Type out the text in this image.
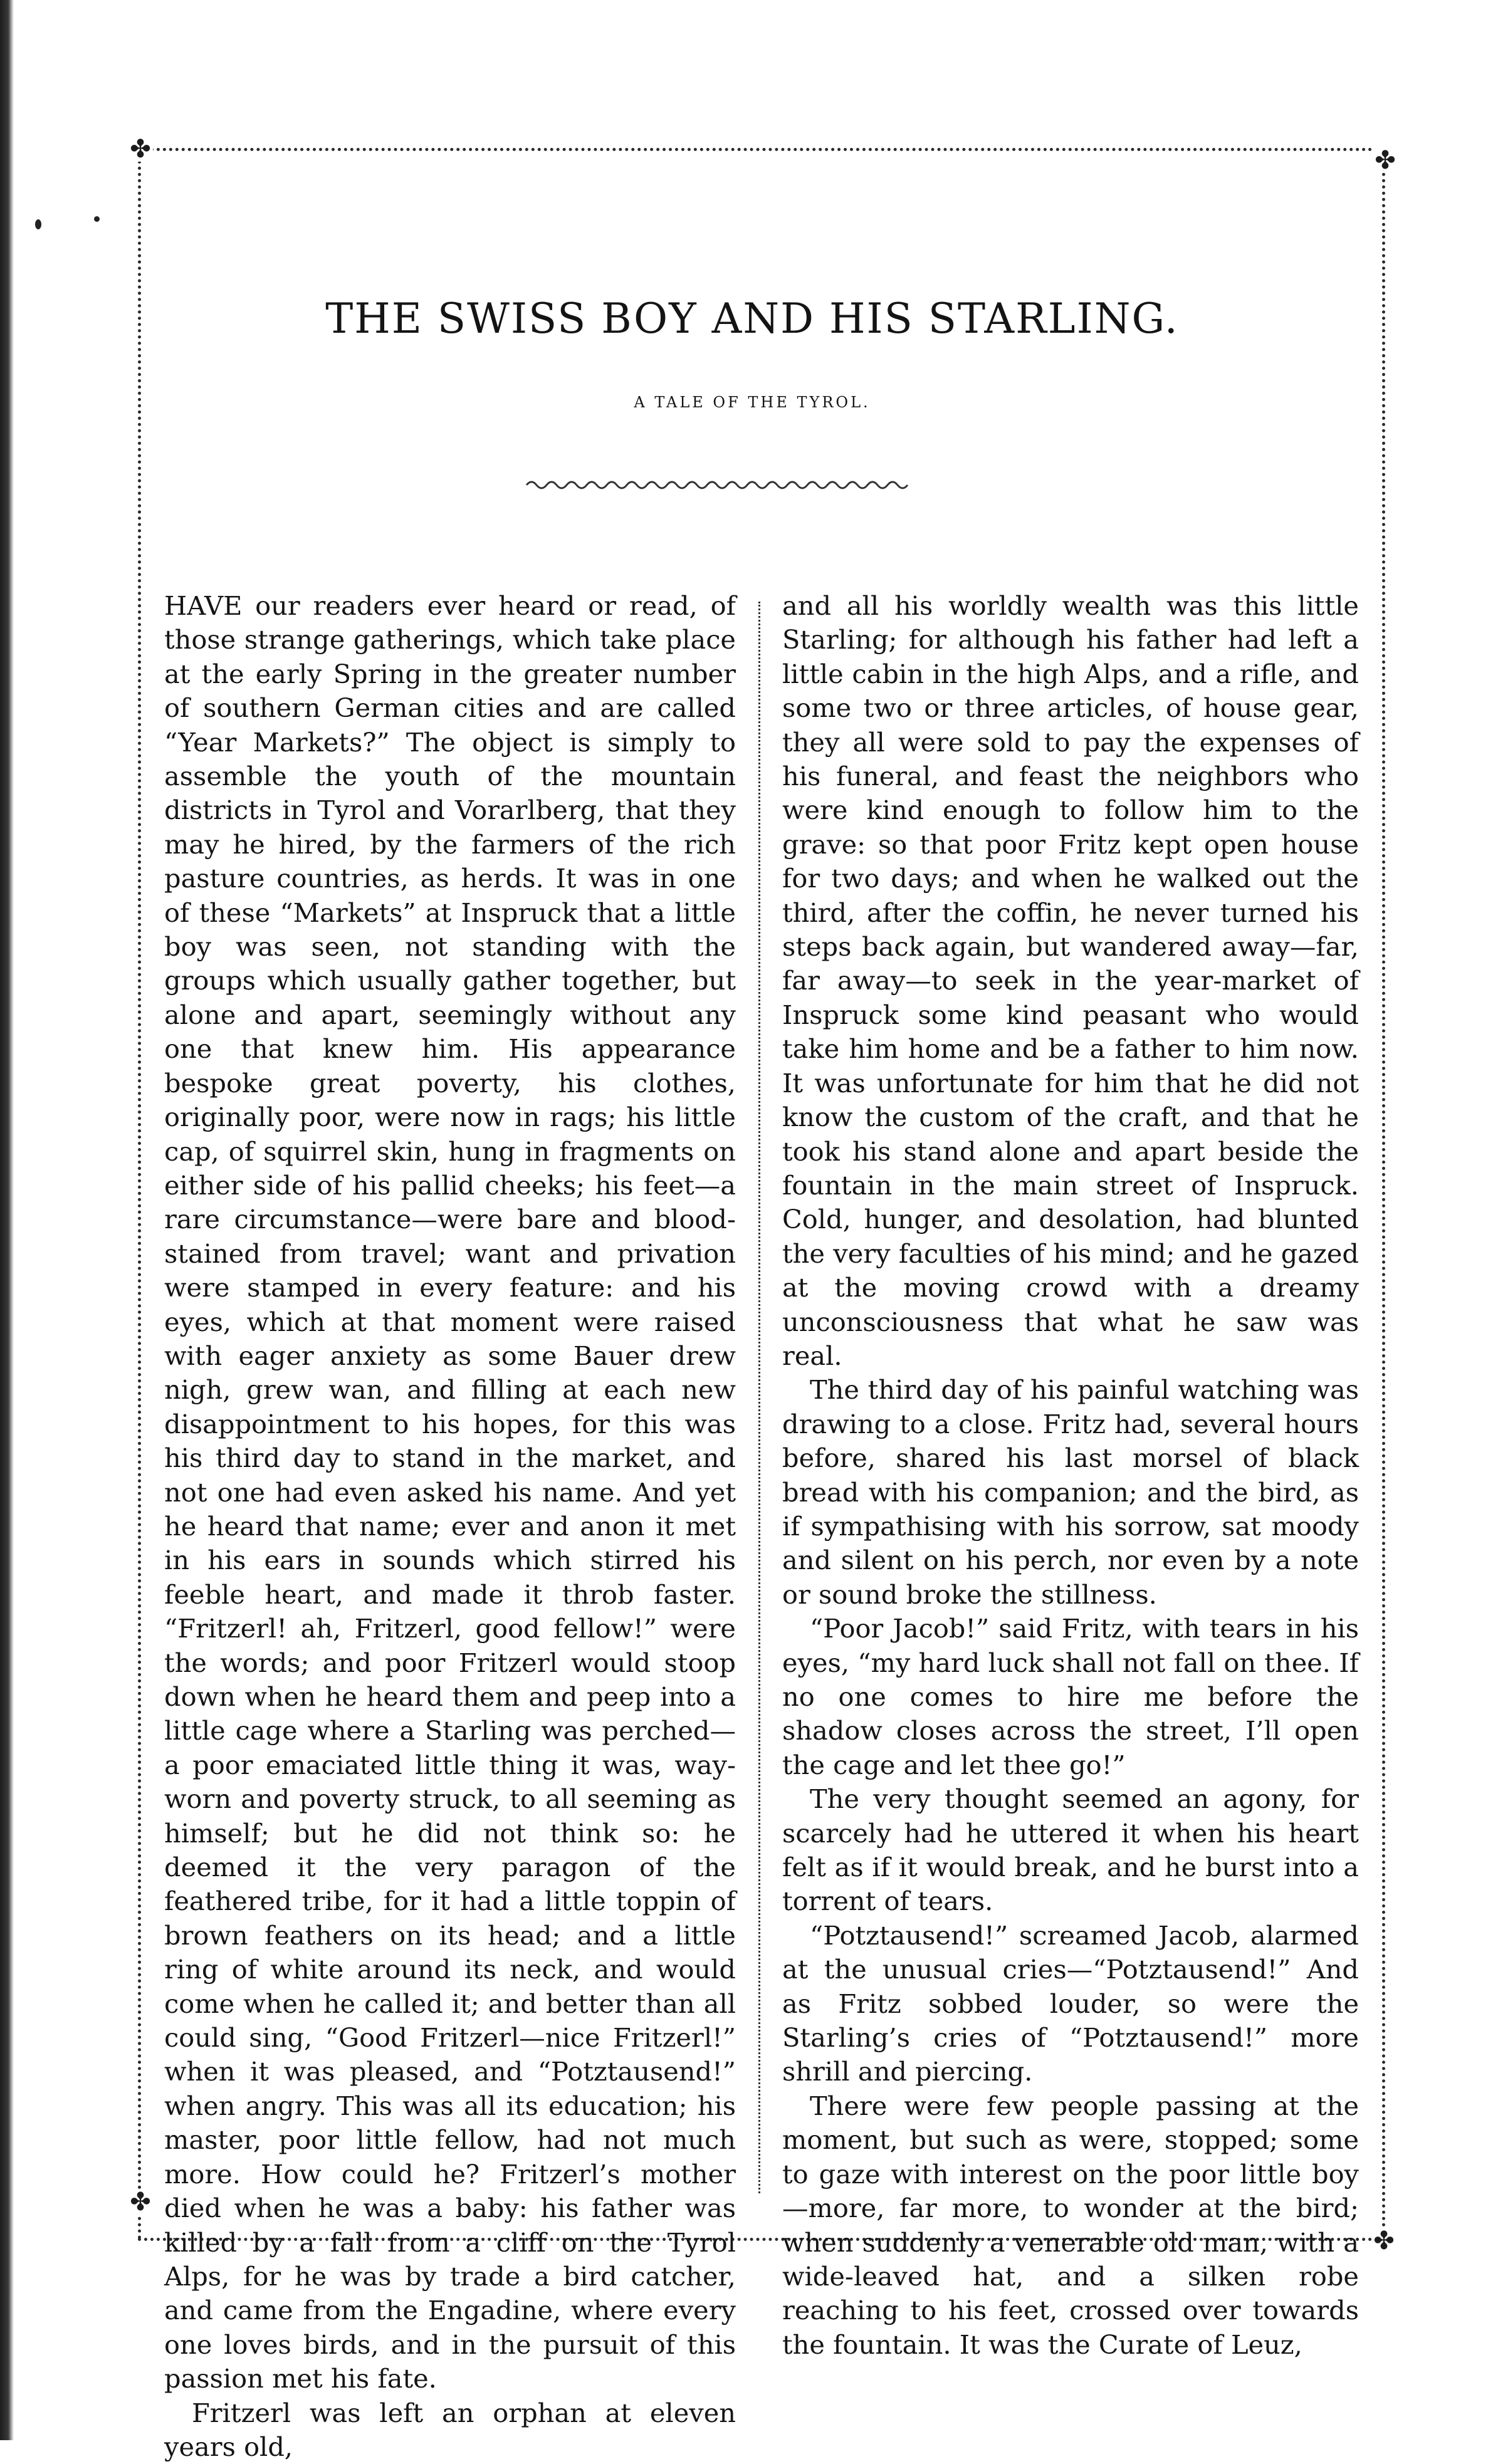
✤	✤
✤
✤
THE SWISS BOY AND HIS STARLING.
A TALE OF THE TYROL.

HAVE our readers ever heard or read, of those strange gatherings, which take place at the early Spring in the greater number of southern German cities and are called “Year Markets?” The object is simply to assemble the youth of the mountain districts in Tyrol and Vorarlberg, that they may he hired, by the farmers of the rich pasture countries, as herds. It was in one of these “Markets” at Inspruck that a little boy was seen, not standing with the groups which usually gather together, but alone and apart, seemingly without any one that knew him. His appearance bespoke great poverty, his clothes, originally poor, were now in rags; his little cap, of squirrel skin, hung in fragments on either side of his pallid cheeks; his feet—a rare circumstance—were bare and blood-stained from travel; want and privation were stamped in every feature: and his eyes, which at that moment were raised with eager anxiety as some Bauer drew nigh, grew wan, and filling at each new disappointment to his hopes, for this was his third day to stand in the market, and not one had even asked his name. And yet he heard that name; ever and anon it met in his ears in sounds which stirred his feeble heart, and made it throb faster. “Fritzerl! ah, Fritzerl, good fellow!” were the words; and poor Fritzerl would stoop down when he heard them and peep into a little cage where a Starling was perched—a poor emaciated little thing it was, way-worn and poverty struck, to all seeming as himself; but he did not think so: he deemed it the very paragon of the feathered tribe, for it had a little toppin of brown feathers on its head; and a little ring of white around its neck, and would come when he called it; and better than all could sing, “Good Fritzerl—nice Fritzerl!” when it was pleased, and “Potztausend!” when angry. This was all its education; his master, poor little fellow, had not much more. How could he? Fritzerl’s mother died when he was a baby: his father was killed by a fall from a cliff on the Tyrol Alps, for he was by trade a bird catcher, and came from the Engadine, where every one loves birds, and in the pursuit of this passion met his fate.

Fritzerl was left an orphan at eleven years old,

and all his worldly wealth was this little Starling; for although his father had left a little cabin in the high Alps, and a rifle, and some two or three articles, of house gear, they all were sold to pay the expenses of his funeral, and feast the neighbors who were kind enough to follow him to the grave: so that poor Fritz kept open house for two days; and when he walked out the third, after the coffin, he never turned his steps back again, but wandered away—far, far away—to seek in the year-market of Inspruck some kind peasant who would take him home and be a father to him now. It was unfortunate for him that he did not know the custom of the craft, and that he took his stand alone and apart beside the fountain in the main street of Inspruck. Cold, hunger, and desolation, had blunted the very faculties of his mind; and he gazed at the moving crowd with a dreamy unconsciousness that what he saw was real.

The third day of his painful watching was drawing to a close. Fritz had, several hours before, shared his last morsel of black bread with his companion; and the bird, as if sympathising with his sorrow, sat moody and silent on his perch, nor even by a note or sound broke the stillness.

“Poor Jacob!” said Fritz, with tears in his eyes, “my hard luck shall not fall on thee. If no one comes to hire me before the shadow closes across the street, I’ll open the cage and let thee go!”

The very thought seemed an agony, for scarcely had he uttered it when his heart felt as if it would break, and he burst into a torrent of tears.

“Potztausend!” screamed Jacob, alarmed at the unusual cries—“Potztausend!” And as Fritz sobbed louder, so were the Starling’s cries of “Potztausend!” more shrill and piercing.

There were few people passing at the moment, but such as were, stopped; some to gaze with interest on the poor little boy—more, far more, to wonder at the bird; when suddenly a venerable old man, with a wide-leaved hat, and a silken robe reaching to his feet, crossed over towards the fountain. It was the Curate of Leuz,
